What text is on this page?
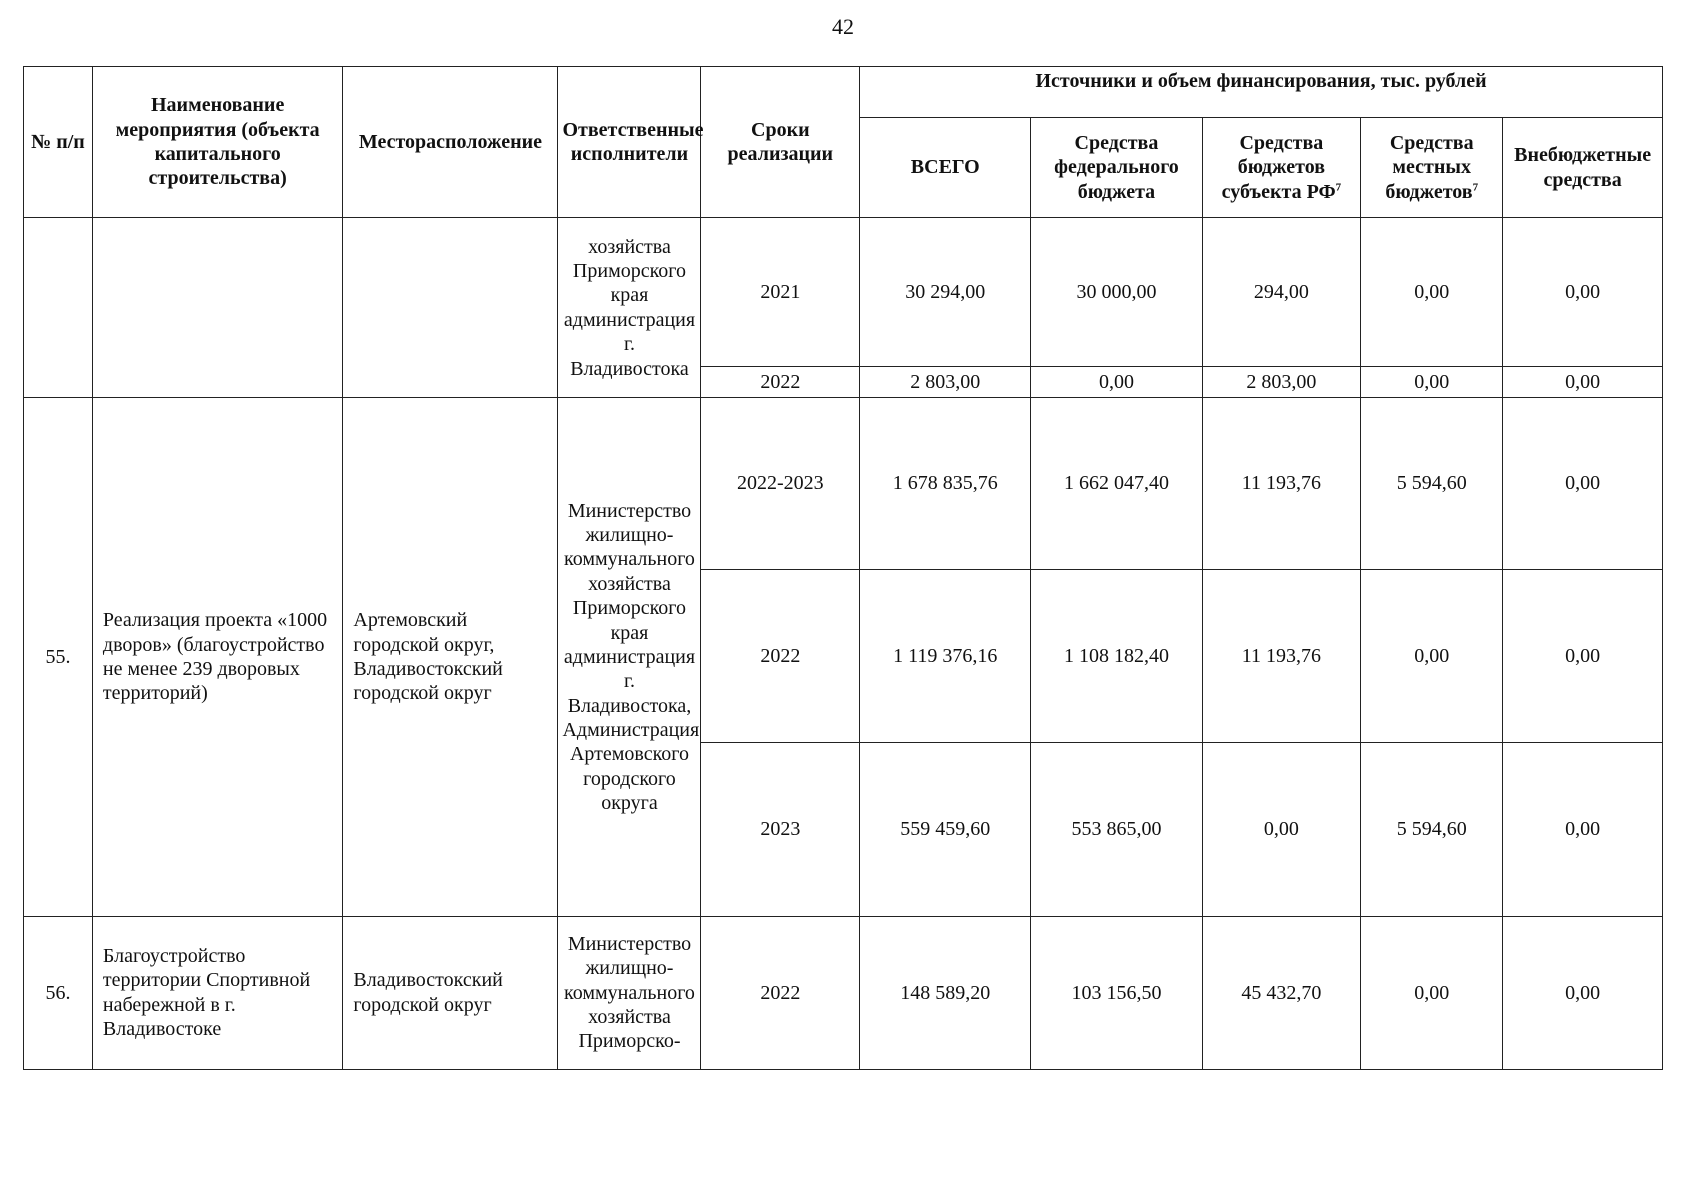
42
№ п/п	Наименование мероприятия (объекта капитального строительства)	Месторасположение	Ответственные исполнители	Сроки реализации	Источники и объем финансирования, тыс. рублей				
					ВСЕГО	Средства федерального бюджета	Средства бюджетов субъекта $РФ^7$	Средства местных бюджетов$^7$	Внебюджетные средства
			хозяйства Приморского края администрация г. Владивостока	2021	30 294,00	30 000,00	294,00	0,00	0,00
				2022	2 803,00	0,00	2 803,00	0,00	0,00
55.	Реализация проекта «1000 дворов» (благоустройство не менее 239 дворовых территорий)	Артемовский городской округ, Владивостокский городской округ	Министерство жилищно-коммунального хозяйства Приморского края администрация г. Владивостока, Администрация Артемовского городского округа	2022-2023	1 678 835,76	1 662 047,40	11 193,76	5 594,60	0,00
				2022	1 119 376,16	1 108 182,40	11 193,76	0,00	0,00
				2023	559 459,60	553 865,00	0,00	5 594,60	0,00
56.	Благоустройство территории Спортивной набережной в г. Владивостоке	Владивостокский городской округ	Министерство жилищно-коммунального хозяйства Приморско-	2022	148 589,20	103 156,50	45 432,70	0,00	0,00
